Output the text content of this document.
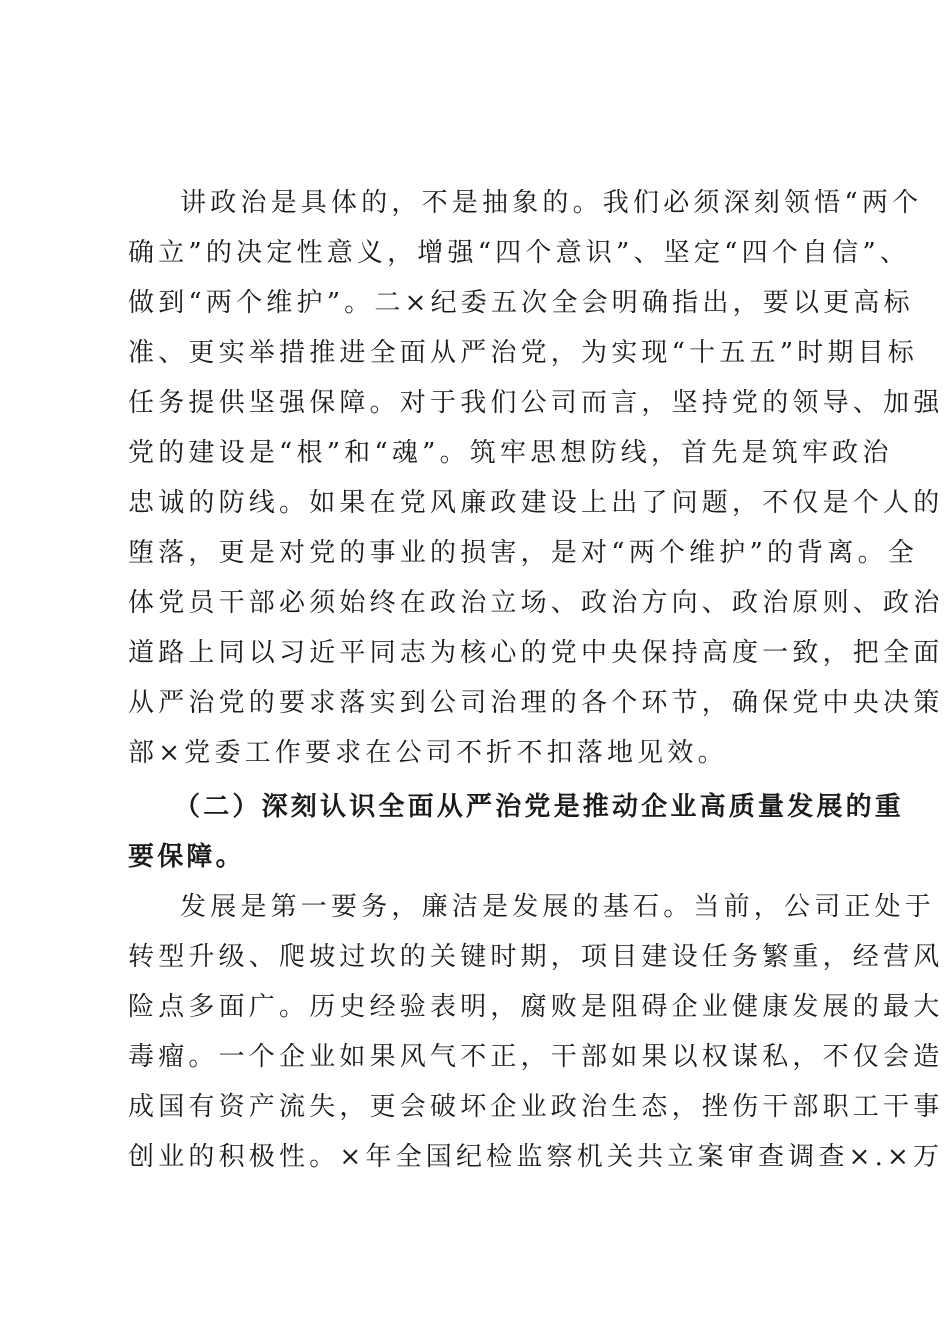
讲政治是具体的，不是抽象的。我们必须深刻领悟“两个
确立”的决定性意义，增强“四个意识”、坚定“四个自信”、
做到“两个维护”。二×纪委五次全会明确指出，要以更高标
准、更实举措推进全面从严治党，为实现“十五五”时期目标
任务提供坚强保障。对于我们公司而言，坚持党的领导、加强
党的建设是“根”和“魂”。筑牢思想防线，首先是筑牢政治
忠诚的防线。如果在党风廉政建设上出了问题，不仅是个人的
堕落，更是对党的事业的损害，是对“两个维护”的背离。全
体党员干部必须始终在政治立场、政治方向、政治原则、政治
道路上同以习近平同志为核心的党中央保持高度一致，把全面
从严治党的要求落实到公司治理的各个环节，确保党中央决策
部×党委工作要求在公司不折不扣落地见效。
（二）深刻认识全面从严治党是推动企业高质量发展的重
要保障。
发展是第一要务，廉洁是发展的基石。当前，公司正处于
转型升级、爬坡过坎的关键时期，项目建设任务繁重，经营风
险点多面广。历史经验表明，腐败是阻碍企业健康发展的最大
毒瘤。一个企业如果风气不正，干部如果以权谋私，不仅会造
成国有资产流失，更会破坏企业政治生态，挫伤干部职工干事
创业的积极性。×年全国纪检监察机关共立案审查调查×.×万
